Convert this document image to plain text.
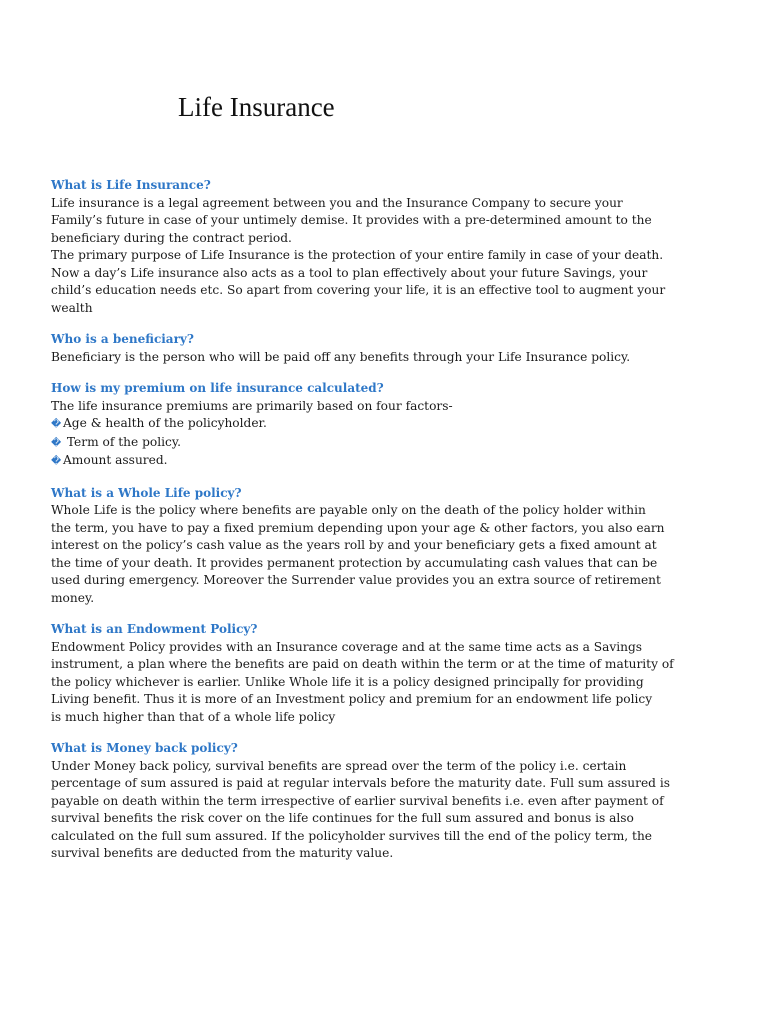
Life Insurance

What is Life Insurance?

Life insurance is a legal agreement between you and the Insurance Company to secure your

Family’s future in case of your untimely demise. It provides with a pre-determined amount to the

beneficiary during the contract period.

The primary purpose of Life Insurance is the protection of your entire family in case of your death.

Now a day’s Life insurance also acts as a tool to plan effectively about your future Savings, your

child’s education needs etc. So apart from covering your life, it is an effective tool to augment your

wealth

Who is a beneficiary?

Beneficiary is the person who will be paid off any benefits through your Life Insurance policy.

How is my premium on life insurance calculated?

The life insurance premiums are primarily based on four factors-

� Age & health of the policyholder.

� Term of the policy.

� Amount assured.

What is a Whole Life policy?

Whole Life is the policy where benefits are payable only on the death of the policy holder within

the term, you have to pay a fixed premium depending upon your age & other factors, you also earn

interest on the policy’s cash value as the years roll by and your beneficiary gets a fixed amount at

the time of your death. It provides permanent protection by accumulating cash values that can be

used during emergency. Moreover the Surrender value provides you an extra source of retirement

money.

What is an Endowment Policy?

Endowment Policy provides with an Insurance coverage and at the same time acts as a Savings

instrument, a plan where the benefits are paid on death within the term or at the time of maturity of

the policy whichever is earlier. Unlike Whole life it is a policy designed principally for providing

Living benefit. Thus it is more of an Investment policy and premium for an endowment life policy

is much higher than that of a whole life policy

What is Money back policy?

Under Money back policy, survival benefits are spread over the term of the policy i.e. certain

percentage of sum assured is paid at regular intervals before the maturity date. Full sum assured is

payable on death within the term irrespective of earlier survival benefits i.e. even after payment of

survival benefits the risk cover on the life continues for the full sum assured and bonus is also

calculated on the full sum assured. If the policyholder survives till the end of the policy term, the

survival benefits are deducted from the maturity value.
